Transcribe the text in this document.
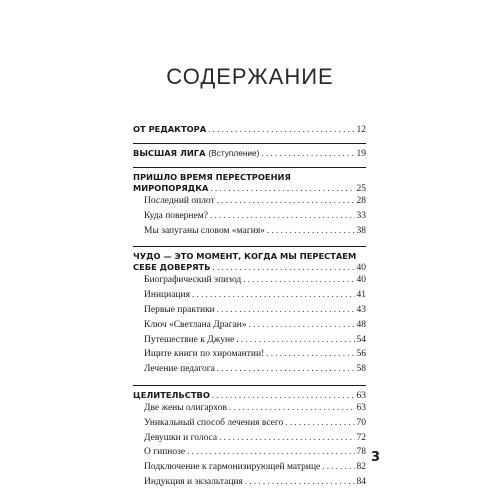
СОДЕРЖАНИЕ
ОТ РЕДАКТОРА . . .	12
ВЫСШАЯ ЛИГА (Вступление) . . .	19
ПРИШЛО ВРЕМЯ ПЕРЕСТРОЕНИЯ
МИРОПОРЯДКА . . .	25
Последний оплот . . .	28
Куда повернем? . . .	33
Мы запуганы словом «магия» . . .	38
ЧУДО — ЭТО МОМЕНТ, КОГДА МЫ ПЕРЕСТАЕМ
СЕБЕ ДОВЕРЯТЬ . . .	40
Биографический эпизод . . .	40
Инициация . . .	41
Первые практики . . .	43
Ключ «Светлана Драган» . . .	48
Путешествие к Джуне . . .	54
Ищите книги по хиромантии! . . .	56
Лечение педагога . . .	58
ЦЕЛИТЕЛЬСТВО . . .	63
Две жены олигархов . . .	63
Уникальный способ лечения всего . . .	70
Девушки и голоса . . .	72
О гипнозе . . .	78
Подключение к гармонизирующей матрице . . .	82
Индукция и экзальтация . . .	84
3
